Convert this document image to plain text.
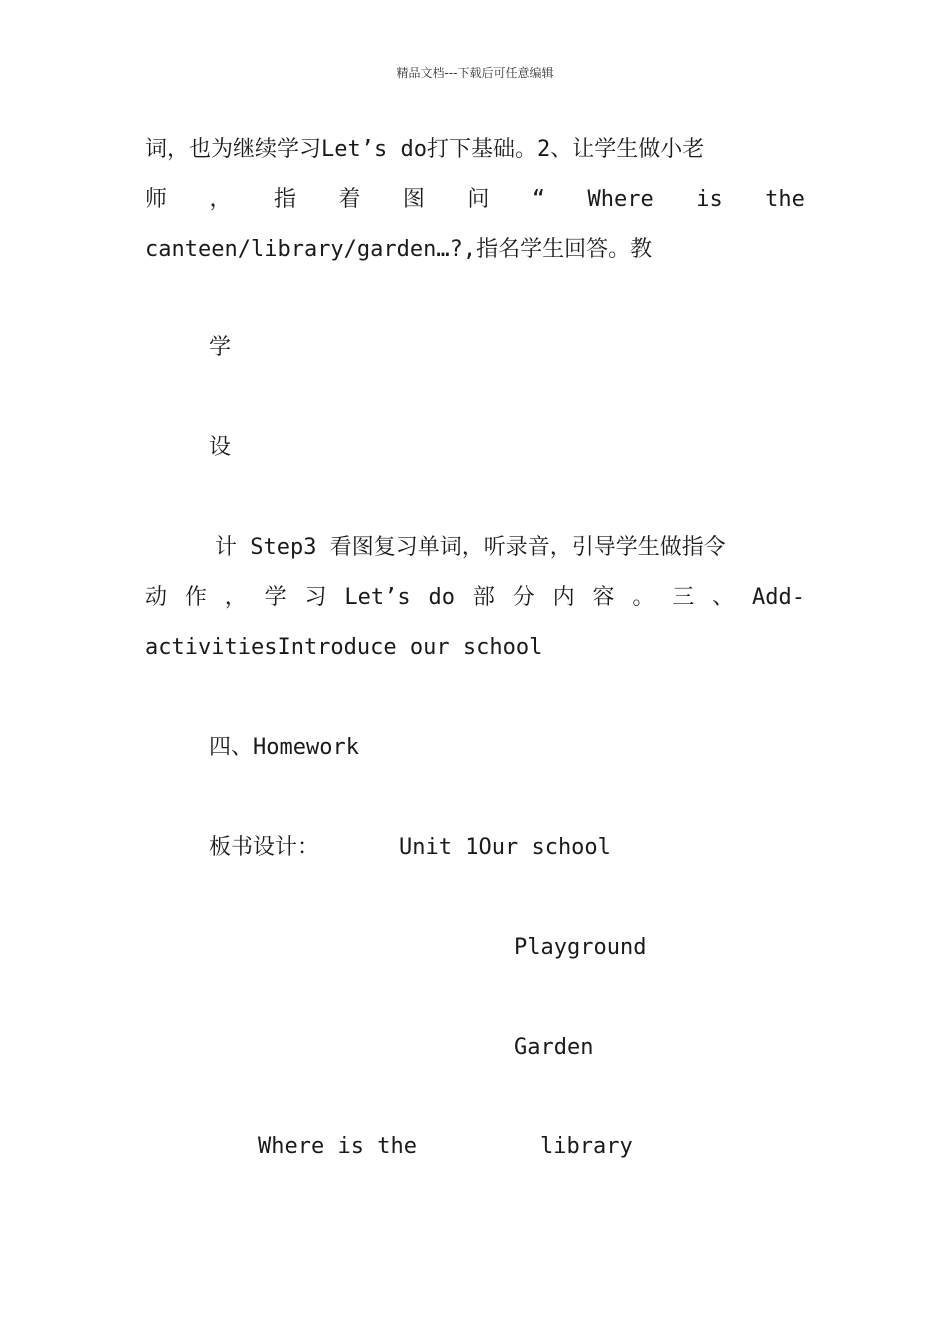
精品文档---下载后可任意编辑
词，也为继续学习Let’s do打下基础。2、让学生做小老
师 ， 指 着 图 问 “ Where is the
canteen/library/garden…?,指名学生回答。教
学
设
计 Step3 看图复习单词，听录音，引导学生做指令
动 作 ， 学 习 Let’s do 部 分 内 容 。 三 、 Add-
activitiesIntroduce our school
四、Homework
板书设计：	Unit 1Our school
Playground
Garden
Where is the	library
